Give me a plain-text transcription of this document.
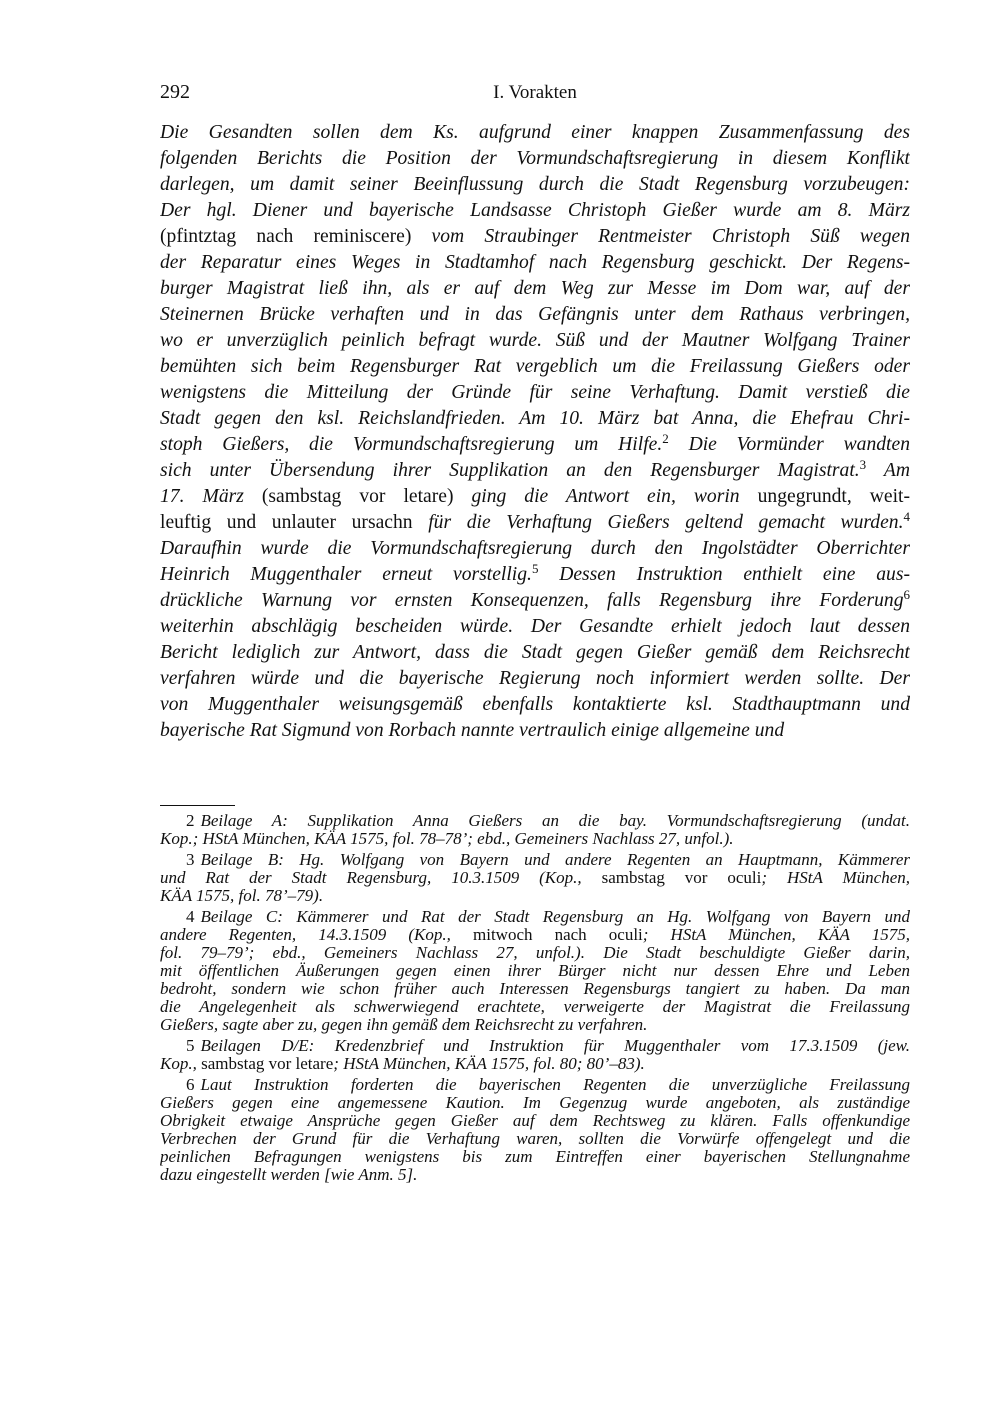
292	I. Vorakten
Die Gesandten sollen dem Ks. aufgrund einer knappen Zusammenfassung des
folgenden Berichts die Position der Vormundschaftsregierung in diesem Konflikt
darlegen, um damit seiner Beeinflussung durch die Stadt Regensburg vorzubeugen:
Der hgl. Diener und bayerische Landsasse Christoph Gießer wurde am 8. März
(pfintztag nach reminiscere) vom Straubinger Rentmeister Christoph Süß wegen
der Reparatur eines Weges in Stadtamhof nach Regensburg geschickt. Der Regens-
burger Magistrat ließ ihn, als er auf dem Weg zur Messe im Dom war, auf der
Steinernen Brücke verhaften und in das Gefängnis unter dem Rathaus verbringen,
wo er unverzüglich peinlich befragt wurde. Süß und der Mautner Wolfgang Trainer
bemühten sich beim Regensburger Rat vergeblich um die Freilassung Gießers oder
wenigstens die Mitteilung der Gründe für seine Verhaftung. Damit verstieß die
Stadt gegen den ksl. Reichslandfrieden. Am 10. März bat Anna, die Ehefrau Chri-
stoph Gießers, die Vormundschaftsregierung um Hilfe.$^2$ Die Vormünder wandten
sich unter Übersendung ihrer Supplikation an den Regensburger Magistrat.$^3$ Am
17. März (sambstag vor letare) ging die Antwort ein, worin ungegrundt, weit-
leuftig und unlauter ursachn für die Verhaftung Gießers geltend gemacht wurden.$^4$
Daraufhin wurde die Vormundschaftsregierung durch den Ingolstädter Oberrichter
Heinrich Muggenthaler erneut vorstellig.$^5$ Dessen Instruktion enthielt eine aus-
drückliche Warnung vor ernsten Konsequenzen, falls Regensburg ihre Forderung$^6$
weiterhin abschlägig bescheiden würde. Der Gesandte erhielt jedoch laut dessen
Bericht lediglich zur Antwort, dass die Stadt gegen Gießer gemäß dem Reichsrecht
verfahren würde und die bayerische Regierung noch informiert werden sollte. Der
von Muggenthaler weisungsgemäß ebenfalls kontaktierte ksl. Stadthauptmann und
bayerische Rat Sigmund von Rorbach nannte vertraulich einige allgemeine und
2 Beilage A: Supplikation Anna Gießers an die bay. Vormundschaftsregierung (undat.
Kop.; HStA München, KÄA 1575, fol. 78–78’; ebd., Gemeiners Nachlass 27, unfol.).
3 Beilage B: Hg. Wolfgang von Bayern und andere Regenten an Hauptmann, Kämmerer
und Rat der Stadt Regensburg, 10.3.1509 (Kop., sambstag vor oculi; HStA München,
KÄA 1575, fol. 78’–79).
4 Beilage C: Kämmerer und Rat der Stadt Regensburg an Hg. Wolfgang von Bayern und
andere Regenten, 14.3.1509 (Kop., mitwoch nach oculi; HStA München, KÄA 1575,
fol. 79–79’; ebd., Gemeiners Nachlass 27, unfol.). Die Stadt beschuldigte Gießer darin,
mit öffentlichen Äußerungen gegen einen ihrer Bürger nicht nur dessen Ehre und Leben
bedroht, sondern wie schon früher auch Interessen Regensburgs tangiert zu haben. Da man
die Angelegenheit als schwerwiegend erachtete, verweigerte der Magistrat die Freilassung
Gießers, sagte aber zu, gegen ihn gemäß dem Reichsrecht zu verfahren.
5 Beilagen D/E: Kredenzbrief und Instruktion für Muggenthaler vom 17.3.1509 (jew.
Kop., sambstag vor letare; HStA München, KÄA 1575, fol. 80; 80’–83).
6 Laut Instruktion forderten die bayerischen Regenten die unverzügliche Freilassung
Gießers gegen eine angemessene Kaution. Im Gegenzug wurde angeboten, als zuständige
Obrigkeit etwaige Ansprüche gegen Gießer auf dem Rechtsweg zu klären. Falls offenkundige
Verbrechen der Grund für die Verhaftung waren, sollten die Vorwürfe offengelegt und die
peinlichen Befragungen wenigstens bis zum Eintreffen einer bayerischen Stellungnahme
dazu eingestellt werden [wie Anm. 5].
